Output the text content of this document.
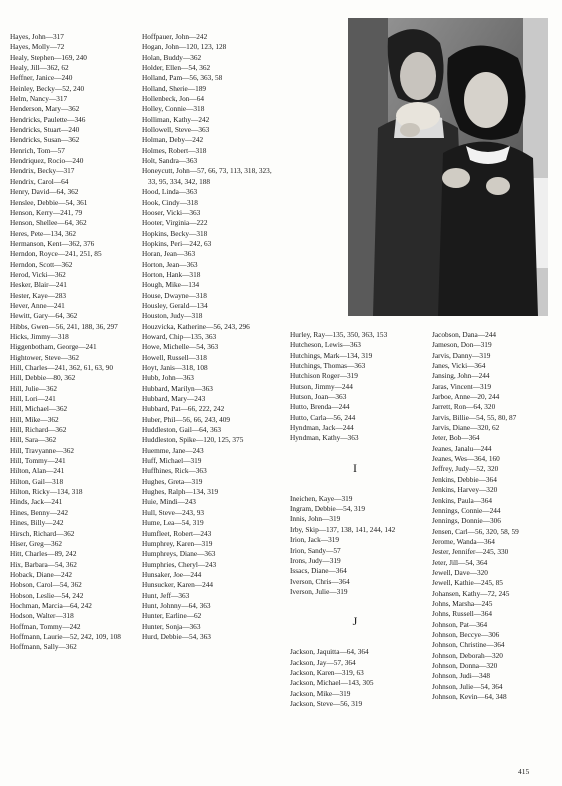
Hayes, John—317
Hayes, Molly—72
Healy, Stephen—169, 240
Healy, Jill—362, 62
Heffner, Janice—240
Heinley, Becky—52, 240
Helm, Nancy—317
Henderson, Mary—362
Hendricks, Paulette—346
Hendricks, Stuart—240
Hendricks, Susan—362
Henrich, Tom—57
Hendriquez, Rocio—240
Hendrix, Becky—317
Hendrix, Carol—64
Henry, David—64, 362
Henslee, Debbie—54, 361
Henson, Kerry—241, 79
Henson, Shellee—64, 362
Heres, Pete—134, 362
Hermanson, Kent—362, 376
Herndon, Royce—241, 251, 85
Herndon, Scott—362
Herod, Vicki—362
Hesker, Blair—241
Hester, Kaye—283
Hever, Anne—241
Hewitt, Gary—64, 362
Hibbs, Gwen—56, 241, 188, 36, 297
Hicks, Jimmy—318
Higgenbotham, George—241
Hightower, Steve—362
Hill, Charles—241, 362, 61, 63, 90
Hill, Debbie—80, 362
Hill, Julie—362
Hill, Lori—241
Hill, Michael—362
Hill, Mike—362
Hill, Richard—362
Hill, Sara—362
Hill, Travyanne—362
Hill, Tommy—241
Hilton, Alan—241
Hilton, Gail—318
Hilton, Ricky—134, 318
Hinds, Jack—241
Hines, Benny—242
Hines, Billy—242
Hirsch, Richard—362
Hiser, Greg—362
Hitt, Charles—89, 242
Hix, Barbara—54, 362
Hoback, Diane—242
Hobson, Carol—54, 362
Hobson, Leslie—54, 242
Hochman, Marcia—64, 242
Hodson, Walter—318
Hoffman, Tommy—242
Hoffmann, Laurie—52, 242, 109, 108
Hoffmann, Sally—362
Hoffpauer, John—242
Hogan, John—120, 123, 128
Holan, Buddy—362
Holder, Ellen—54, 362
Holland, Pam—56, 363, 58
Holland, Sherie—189
Hollenbeck, Jon—64
Holley, Connie—318
Holliman, Kathy—242
Hollowell, Steve—363
Holman, Deby—242
Holmes, Robert—318
Holt, Sandra—363
Honeycutt, John—57, 66, 73, 113, 318, 323, 33, 95, 334, 342, 188
Hood, Linda—363
Hook, Cindy—318
Hooser, Vicki—363
Hooter, Virginia—222
Hopkins, Becky—318
Hopkins, Peri—242, 63
Horan, Jean—363
Horton, Jean—363
Horton, Hank—318
Hough, Mike—134
House, Dwayne—318
Housley, Gerald—134
Houston, Judy—318
Houzvicka, Katherine—56, 243, 296
Howard, Chip—135, 363
Howe, Michelle—54, 363
Howell, Russell—318
Hoyt, Janis—318, 108
Hubb, John—363
Hubbard, Marilyn—363
Hubbard, Mary—243
Hubbard, Pat—66, 222, 242
Huber, Phil—56, 66, 243, 409
Huddleston, Gail—64, 363
Huddleston, Spike—120, 125, 375
Huemme, Jane—243
Huff, Michael—319
Huffhines, Rick—363
Hughes, Greta—319
Hughes, Ralph—134, 319
Huie, Mindi—243
Hull, Steve—243, 93
Hume, Lea—54, 319
Humfleet, Robert—243
Humphrey, Karen—319
Humphreys, Diane—363
Humphries, Cheryl—243
Hunsaker, Joe—244
Hunsucker, Karen—244
Hunt, Jeff—363
Hunt, Johnny—64, 363
Hunter, Earline—62
Hunter, Sonja—363
Hurd, Debbie—54, 363
Hurley, Ray—135, 350, 363, 153
Hutcheson, Lewis—363
Hutchings, Mark—134, 319
Hutchings, Thomas—363
Hutchison Roger—319
Hutson, Jimmy—244
Hutson, Joan—363
Hutto, Brenda—244
Hutto, Carla—56, 244
Hyndman, Jack—244
Hyndman, Kathy—363
I
Ineichen, Kaye—319
Ingram, Debbie—54, 319
Innis, John—319
Irby, Skip—137, 138, 141, 244, 142
Irion, Jack—319
Irion, Sandy—57
Irons, Judy—319
Issacs, Diane—364
Iverson, Chris—364
Iverson, Julie—319
J
Jackson, Jaquitta—64, 364
Jackson, Jay—57, 364
Jackson, Karen—319, 63
Jackson, Michael—143, 305
Jackson, Mike—319
Jackson, Steve—56, 319
Jacobson, Dana—244
Jameson, Don—319
Jarvis, Danny—319
Janes, Vicki—364
Jansing, John—244
Jaras, Vincent—319
Jarboe, Anne—20, 244
Jarrett, Ron—64, 320
Jarvis, Billie—54, 55, 80, 87
Jarvis, Diane—320, 62
Jeter, Bob—364
Jeanes, Janalu—244
Jeanes, Wes—364, 160
Jeffrey, Judy—52, 320
Jenkins, Debbie—364
Jenkins, Harvey—320
Jenkins, Paula—364
Jennings, Connie—244
Jennings, Donnie—306
Jensen, Carl—56, 320, 58, 59
Jerome, Wanda—364
Jester, Jennifer—245, 330
Jeter, Jill—54, 364
Jewell, Dave—320
Jewell, Kathie—245, 85
Johansen, Kathy—72, 245
Johns, Marsha—245
Johns, Russell—364
Johnson, Pat—364
Johnson, Beccye—306
Johnson, Christine—364
Johnson, Deborah—320
Johnson, Donna—320
Johnson, Judi—348
Johnson, Julie—54, 364
Johnson, Kevin—64, 348
415
